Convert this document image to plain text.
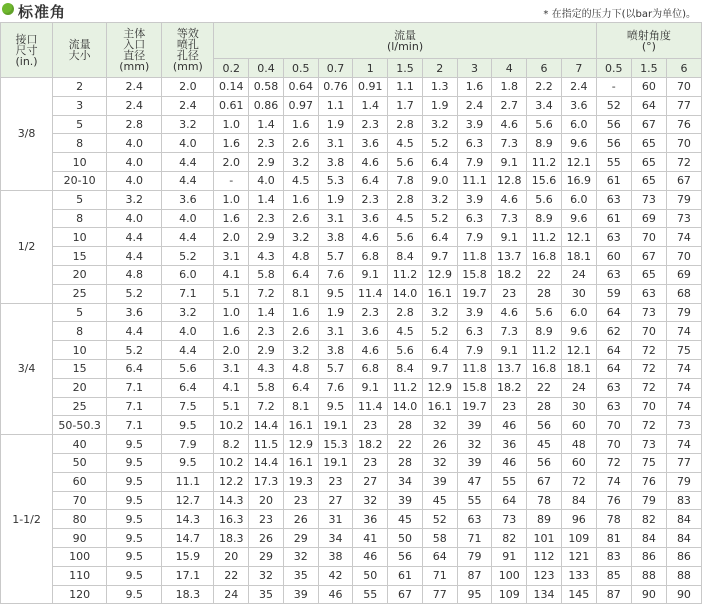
标准角	* 在指定的压力下(以bar为单位)。
接口
尺寸
(in.)	流量
大小	主体
入口
直径
(mm)	等效
喷孔
孔径
(mm)	流量
(l/min)											喷射角度
(°)		
				0.2	0.4	0.5	0.7	1	1.5	2	3	4	6	7	0.5	1.5	6
3/8	2	2.4	2.0	0.14	0.58	0.64	0.76	0.91	1.1	1.3	1.6	1.8	2.2	2.4	-	60	70
	3	2.4	2.4	0.61	0.86	0.97	1.1	1.4	1.7	1.9	2.4	2.7	3.4	3.6	52	64	77
	5	2.8	3.2	1.0	1.4	1.6	1.9	2.3	2.8	3.2	3.9	4.6	5.6	6.0	56	67	76
	8	4.0	4.0	1.6	2.3	2.6	3.1	3.6	4.5	5.2	6.3	7.3	8.9	9.6	56	65	70
	10	4.0	4.4	2.0	2.9	3.2	3.8	4.6	5.6	6.4	7.9	9.1	11.2	12.1	55	65	72
	20-10	4.0	4.4	-	4.0	4.5	5.3	6.4	7.8	9.0	11.1	12.8	15.6	16.9	61	65	67
1/2	5	3.2	3.6	1.0	1.4	1.6	1.9	2.3	2.8	3.2	3.9	4.6	5.6	6.0	63	73	79
	8	4.0	4.0	1.6	2.3	2.6	3.1	3.6	4.5	5.2	6.3	7.3	8.9	9.6	61	69	73
	10	4.4	4.4	2.0	2.9	3.2	3.8	4.6	5.6	6.4	7.9	9.1	11.2	12.1	63	70	74
	15	4.4	5.2	3.1	4.3	4.8	5.7	6.8	8.4	9.7	11.8	13.7	16.8	18.1	60	67	70
	20	4.8	6.0	4.1	5.8	6.4	7.6	9.1	11.2	12.9	15.8	18.2	22	24	63	65	69
	25	5.2	7.1	5.1	7.2	8.1	9.5	11.4	14.0	16.1	19.7	23	28	30	59	63	68
3/4	5	3.6	3.2	1.0	1.4	1.6	1.9	2.3	2.8	3.2	3.9	4.6	5.6	6.0	64	73	79
	8	4.4	4.0	1.6	2.3	2.6	3.1	3.6	4.5	5.2	6.3	7.3	8.9	9.6	62	70	74
	10	5.2	4.4	2.0	2.9	3.2	3.8	4.6	5.6	6.4	7.9	9.1	11.2	12.1	64	72	75
	15	6.4	5.6	3.1	4.3	4.8	5.7	6.8	8.4	9.7	11.8	13.7	16.8	18.1	64	72	74
	20	7.1	6.4	4.1	5.8	6.4	7.6	9.1	11.2	12.9	15.8	18.2	22	24	63	72	74
	25	7.1	7.5	5.1	7.2	8.1	9.5	11.4	14.0	16.1	19.7	23	28	30	63	70	74
	50-50.3	7.1	9.5	10.2	14.4	16.1	19.1	23	28	32	39	46	56	60	70	72	73
1-1/2	40	9.5	7.9	8.2	11.5	12.9	15.3	18.2	22	26	32	36	45	48	70	73	74
	50	9.5	9.5	10.2	14.4	16.1	19.1	23	28	32	39	46	56	60	72	75	77
	60	9.5	11.1	12.2	17.3	19.3	23	27	34	39	47	55	67	72	74	76	79
	70	9.5	12.7	14.3	20	23	27	32	39	45	55	64	78	84	76	79	83
	80	9.5	14.3	16.3	23	26	31	36	45	52	63	73	89	96	78	82	84
	90	9.5	14.7	18.3	26	29	34	41	50	58	71	82	101	109	81	84	84
	100	9.5	15.9	20	29	32	38	46	56	64	79	91	112	121	83	86	86
	110	9.5	17.1	22	32	35	42	50	61	71	87	100	123	133	85	88	88
	120	9.5	18.3	24	35	39	46	55	67	77	95	109	134	145	87	90	90
